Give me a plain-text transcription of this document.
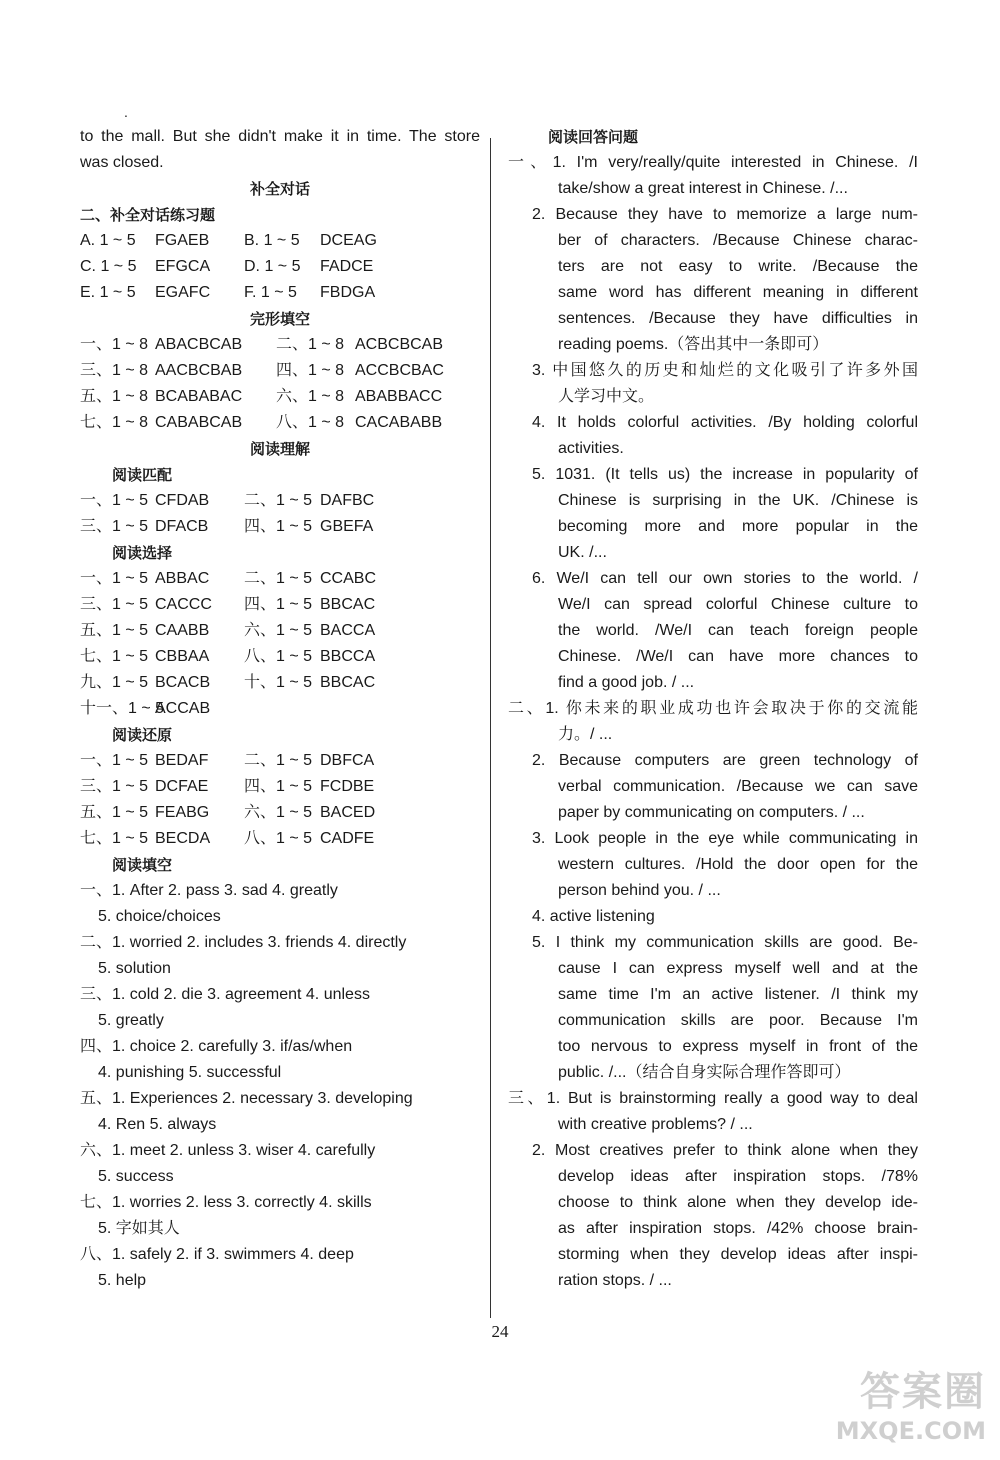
.
to the mall. But she didn't make it in time. The store
was closed.
补全对话
二、补全对话练习题
A. 1 ~ 5 FGAEB B. 1 ~ 5 DCEAG
C. 1 ~ 5 EFGCA D. 1 ~ 5 FADCE
E. 1 ~ 5 EGAFC F. 1 ~ 5 FBDGA
完形填空
一、1 ~ 8 ABACBCAB 二、1 ~ 8 ACBCBCAB
三、1 ~ 8 AACBCBAB 四、1 ~ 8 ACCBCBAC
五、1 ~ 8 BCABABAC 六、1 ~ 8 ABABBACC
七、1 ~ 8 CABABCAB 八、1 ~ 8 CACABABB
阅读理解
阅读匹配
一、1 ~ 5 CFDAB 二、1 ~ 5 DAFBC
三、1 ~ 5 DFACB 四、1 ~ 5 GBEFA
阅读选择
一、1 ~ 5 ABBAC 二、1 ~ 5 CCABC
三、1 ~ 5 CACCC 四、1 ~ 5 BBCAC
五、1 ~ 5 CAABB 六、1 ~ 5 BACCA
七、1 ~ 5 CBBAA 八、1 ~ 5 BBCCA
九、1 ~ 5 BCACB 十、1 ~ 5 BBCAC
十一、1 ~ 5
ACCAB
阅读还原
一、1 ~ 5 BEDAF 二、1 ~ 5 DBFCA
三、1 ~ 5 DCFAE 四、1 ~ 5 FCDBE
五、1 ~ 5 FEABG 六、1 ~ 5 BACED
七、1 ~ 5 BECDA 八、1 ~ 5 CADFE
阅读填空
一、1. After 2. pass 3. sad 4. greatly
5. choice/choices
二、1. worried 2. includes 3. friends 4. directly
5. solution
三、1. cold 2. die 3. agreement 4. unless
5. greatly
四、1. choice 2. carefully 3. if/as/when
4. punishing 5. successful
五、1. Experiences 2. necessary 3. developing
4. Ren 5. always
六、1. meet 2. unless 3. wiser 4. carefully
5. success
七、1. worries 2. less 3. correctly 4. skills
5. 字如其人
八、1. safely 2. if 3. swimmers 4. deep
5. help
阅读回答问题
一、1. I'm very/really/quite interested in Chinese. /I
take/show a great interest in Chinese. /...
2. Because they have to memorize a large num-
ber of characters. /Because Chinese charac-
ters are not easy to write. /Because the
same word has different meaning in different
sentences. /Because they have difficulties in
reading poems.（答出其中一条即可）
3. 中国悠久的历史和灿烂的文化吸引了许多外国
人学习中文。
4. It holds colorful activities. /By holding colorful
activities.
5. 1031. (It tells us) the increase in popularity of
Chinese is surprising in the UK. /Chinese is
becoming more and more popular in the
UK. /...
6. We/I can tell our own stories to the world. /
We/I can spread colorful Chinese culture to
the world. /We/I can teach foreign people
Chinese. /We/I can have more chances to
find a good job. / ...
二、1. 你未来的职业成功也许会取决于你的交流能
力。/ ...
2. Because computers are green technology of
verbal communication. /Because we can save
paper by communicating on computers. / ...
3. Look people in the eye while communicating in
western cultures. /Hold the door open for the
person behind you. / ...
4. active listening
5. I think my communication skills are good. Be-
cause I can express myself well and at the
same time I'm an active listener. /I think my
communication skills are poor. Because I'm
too nervous to express myself in front of the
public. /...（结合自身实际合理作答即可）
三、1. But is brainstorming really a good way to deal
with creative problems? / ...
2. Most creatives prefer to think alone when they
develop ideas after inspiration stops. /78%
choose to think alone when they develop ide-
as after inspiration stops. /42% choose brain-
storming when they develop ideas after inspi-
ration stops. / ...
24
答案圈
MXQE.COM
